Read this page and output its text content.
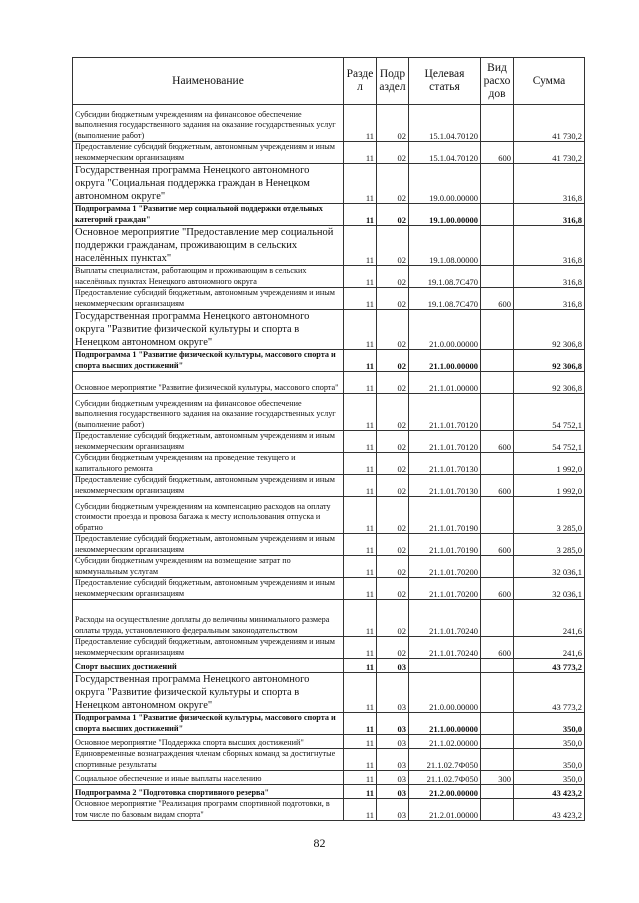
Наименование	Разде л	Подр аздел	Целевая статья	Вид расхо дов	Сумма
Субсидии бюджетным учреждениям на финансовое обеспечение выполнения государственного задания на оказание государственных услуг (выполнение работ)	11	02	15.1.04.70120		41 730,2
Предоставление субсидий бюджетным, автономным учреждениям и иным некоммерческим организациям	11	02	15.1.04.70120	600	41 730,2
Государственная программа Ненецкого автономного округа "Социальная поддержка граждан в Ненецком автономном округе"	11	02	19.0.00.00000		316,8
Подпрограмма 1 "Развитие мер социальной поддержки отдельных категорий граждан"	11	02	19.1.00.00000		316,8
Основное мероприятие "Предоставление мер социальной поддержки гражданам, проживающим в сельских населённых пунктах"	11	02	19.1.08.00000		316,8
Выплаты специалистам, работающим и проживающим в сельских населённых пунктах Ненецкого автономного округа	11	02	19.1.08.7С470		316,8
Предоставление субсидий бюджетным, автономным учреждениям и иным некоммерческим организациям	11	02	19.1.08.7С470	600	316,8
Государственная программа Ненецкого автономного округа "Развитие физической культуры и спорта в Ненецком автономном округе"	11	02	21.0.00.00000		92 306,8
Подпрограмма 1 "Развитие физической культуры, массового спорта и спорта высших достижений"	11	02	21.1.00.00000		92 306,8
Основное мероприятие "Развитие физической культуры, массового спорта"	11	02	21.1.01.00000		92 306,8
Субсидии бюджетным учреждениям на финансовое обеспечение выполнения государственного задания на оказание государственных услуг (выполнение работ)	11	02	21.1.01.70120		54 752,1
Предоставление субсидий бюджетным, автономным учреждениям и иным некоммерческим организациям	11	02	21.1.01.70120	600	54 752,1
Субсидии бюджетным учреждениям на проведение текущего и капитального ремонта	11	02	21.1.01.70130		1 992,0
Предоставление субсидий бюджетным, автономным учреждениям и иным некоммерческим организациям	11	02	21.1.01.70130	600	1 992,0
Субсидии бюджетным учреждениям на компенсацию расходов на оплату стоимости проезда и провоза багажа к месту использования отпуска и обратно	11	02	21.1.01.70190		3 285,0
Предоставление субсидий бюджетным, автономным учреждениям и иным некоммерческим организациям	11	02	21.1.01.70190	600	3 285,0
Субсидии бюджетным учреждениям на возмещение затрат по коммунальным услугам	11	02	21.1.01.70200		32 036,1
Предоставление субсидий бюджетным, автономным учреждениям и иным некоммерческим организациям	11	02	21.1.01.70200	600	32 036,1
Расходы на осуществление доплаты до величины минимального размера оплаты труда, установленного федеральным законодательством	11	02	21.1.01.70240		241,6
Предоставление субсидий бюджетным, автономным учреждениям и иным некоммерческим организациям	11	02	21.1.01.70240	600	241,6
Спорт высших достижений	11	03			43 773,2
Государственная программа Ненецкого автономного округа "Развитие физической культуры и спорта в Ненецком автономном округе"	11	03	21.0.00.00000		43 773,2
Подпрограмма 1 "Развитие физической культуры, массового спорта и спорта высших достижений"	11	03	21.1.00.00000		350,0
Основное мероприятие "Поддержка спорта высших достижений"	11	03	21.1.02.00000		350,0
Единовременные вознаграждения членам сборных команд за достигнутые спортивные результаты	11	03	21.1.02.7Ф050		350,0
Социальное обеспечение и иные выплаты населению	11	03	21.1.02.7Ф050	300	350,0
Подпрограмма 2 "Подготовка спортивного резерва"	11	03	21.2.00.00000		43 423,2
Основное мероприятие "Реализация программ спортивной подготовки, в том числе по базовым видам спорта"	11	03	21.2.01.00000		43 423,2
82
